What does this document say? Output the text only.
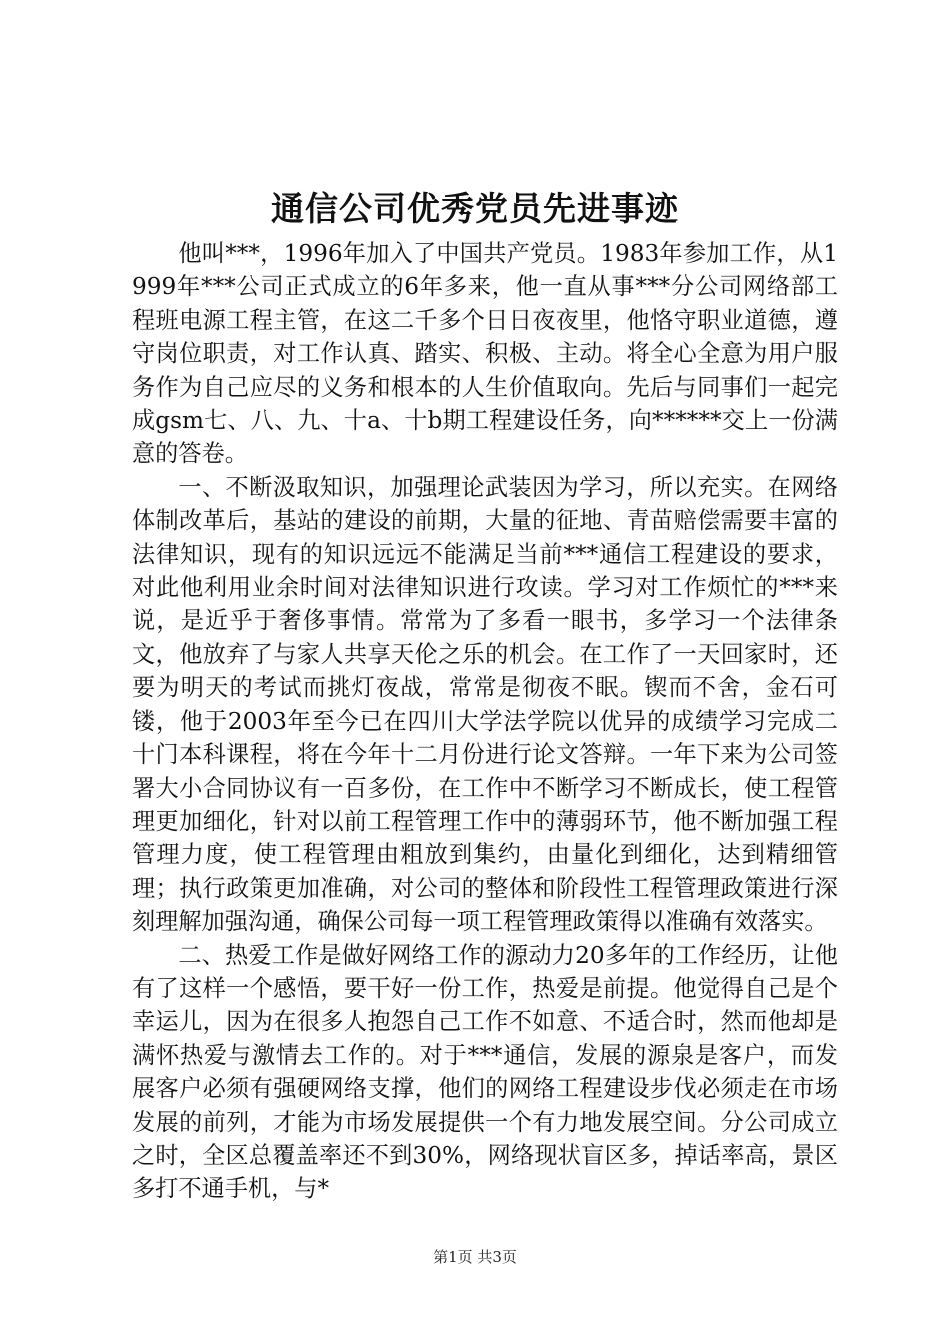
通信公司优秀党员先进事迹

他叫***，1996年加入了中国共产党员。1983年参加工作，从1999年***公司正式成立的6年多来，他一直从事***分公司网络部工程班电源工程主管，在这二千多个日日夜夜里，他恪守职业道德，遵守岗位职责，对工作认真、踏实、积极、主动。将全心全意为用户服务作为自己应尽的义务和根本的人生价值取向。先后与同事们一起完成gsm七、八、九、十a、十b期工程建设任务，向******交上一份满意的答卷。

一、不断汲取知识，加强理论武装因为学习，所以充实。在网络体制改革后，基站的建设的前期，大量的征地、青苗赔偿需要丰富的法律知识，现有的知识远远不能满足当前***通信工程建设的要求，对此他利用业余时间对法律知识进行攻读。学习对工作烦忙的***来说，是近乎于奢侈事情。常常为了多看一眼书，多学习一个法律条文，他放弃了与家人共享天伦之乐的机会。在工作了一天回家时，还要为明天的考试而挑灯夜战，常常是彻夜不眠。锲而不舍，金石可镂，他于2003年至今已在四川大学法学院以优异的成绩学习完成二十门本科课程，将在今年十二月份进行论文答辩。一年下来为公司签署大小合同协议有一百多份，在工作中不断学习不断成长，使工程管理更加细化，针对以前工程管理工作中的薄弱环节，他不断加强工程管理力度，使工程管理由粗放到集约，由量化到细化，达到精细管理；执行政策更加准确，对公司的整体和阶段性工程管理政策进行深刻理解加强沟通，确保公司每一项工程管理政策得以准确有效落实。

二、热爱工作是做好网络工作的源动力20多年的工作经历，让他有了这样一个感悟，要干好一份工作，热爱是前提。他觉得自己是个幸运儿，因为在很多人抱怨自己工作不如意、不适合时，然而他却是满怀热爱与激情去工作的。对于***通信，发展的源泉是客户，而发展客户必须有强硬网络支撑，他们的网络工程建设步伐必须走在市场发展的前列，才能为市场发展提供一个有力地发展空间。分公司成立之时，全区总覆盖率还不到30%，网络现状盲区多，掉话率高，景区多打不通手机，与*

第1页 共3页
